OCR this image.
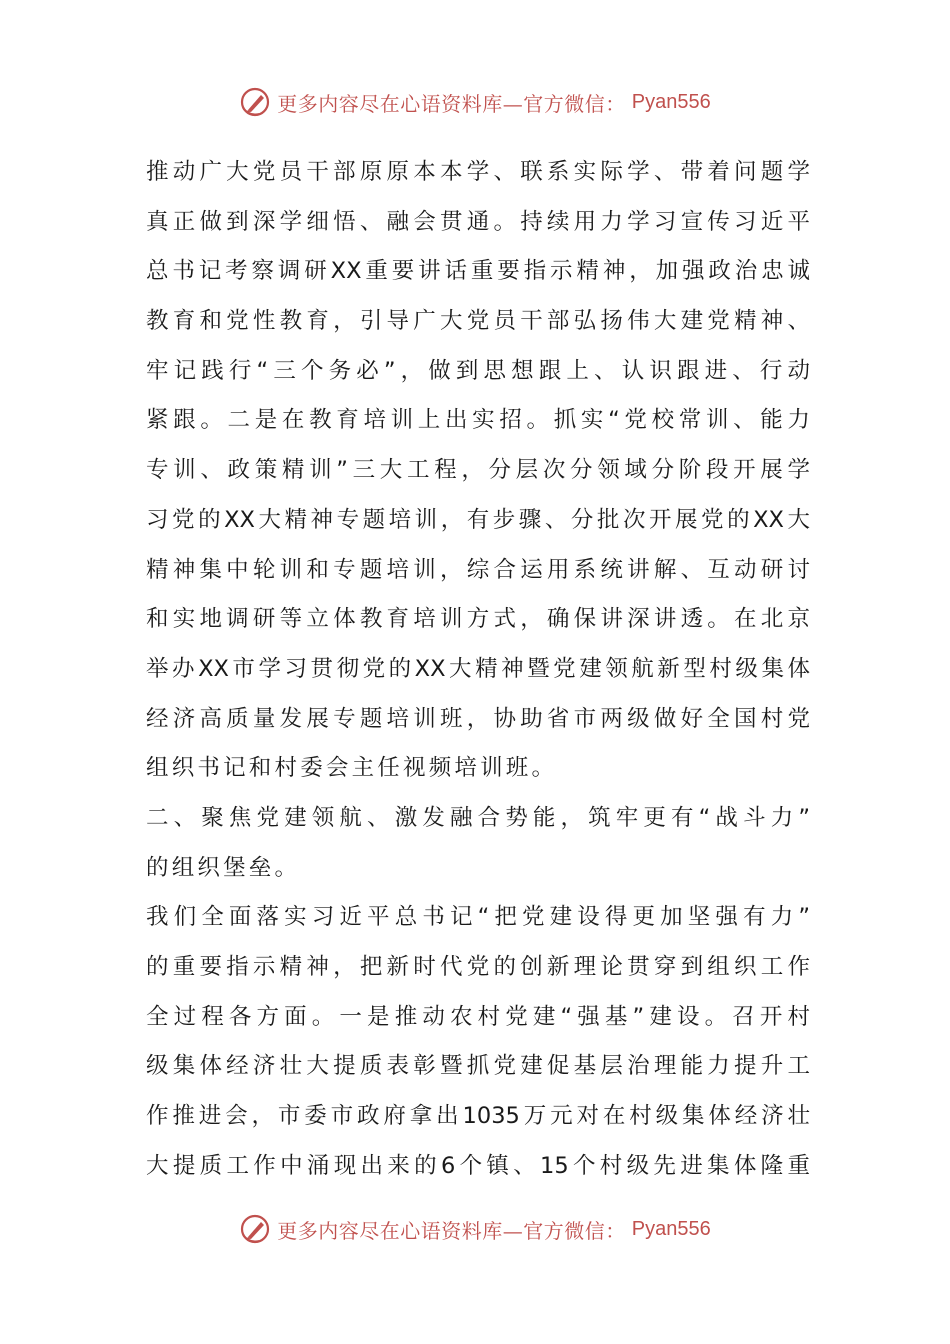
更多内容尽在心语资料库—官方微信： Pyan556
推动广大党员干部原原本本学、联系实际学、带着问题学
真正做到深学细悟、融会贯通。持续用力学习宣传习近平
总书记考察调研XX重要讲话重要指示精神，加强政治忠诚
教育和党性教育，引导广大党员干部弘扬伟大建党精神、
牢记践行“三个务必”，做到思想跟上、认识跟进、行动
紧跟。二是在教育培训上出实招。抓实“党校常训、能力
专训、政策精训”三大工程，分层次分领域分阶段开展学
习党的XX大精神专题培训，有步骤、分批次开展党的XX大
精神集中轮训和专题培训，综合运用系统讲解、互动研讨
和实地调研等立体教育培训方式，确保讲深讲透。在北京
举办XX市学习贯彻党的XX大精神暨党建领航新型村级集体
经济高质量发展专题培训班，协助省市两级做好全国村党
组织书记和村委会主任视频培训班。
二、聚焦党建领航、激发融合势能，筑牢更有“战斗力”
的组织堡垒。
我们全面落实习近平总书记“把党建设得更加坚强有力”
的重要指示精神，把新时代党的创新理论贯穿到组织工作
全过程各方面。一是推动农村党建“强基”建设。召开村
级集体经济壮大提质表彰暨抓党建促基层治理能力提升工
作推进会，市委市政府拿出1035万元对在村级集体经济壮
大提质工作中涌现出来的6个镇、15个村级先进集体隆重
更多内容尽在心语资料库—官方微信： Pyan556
